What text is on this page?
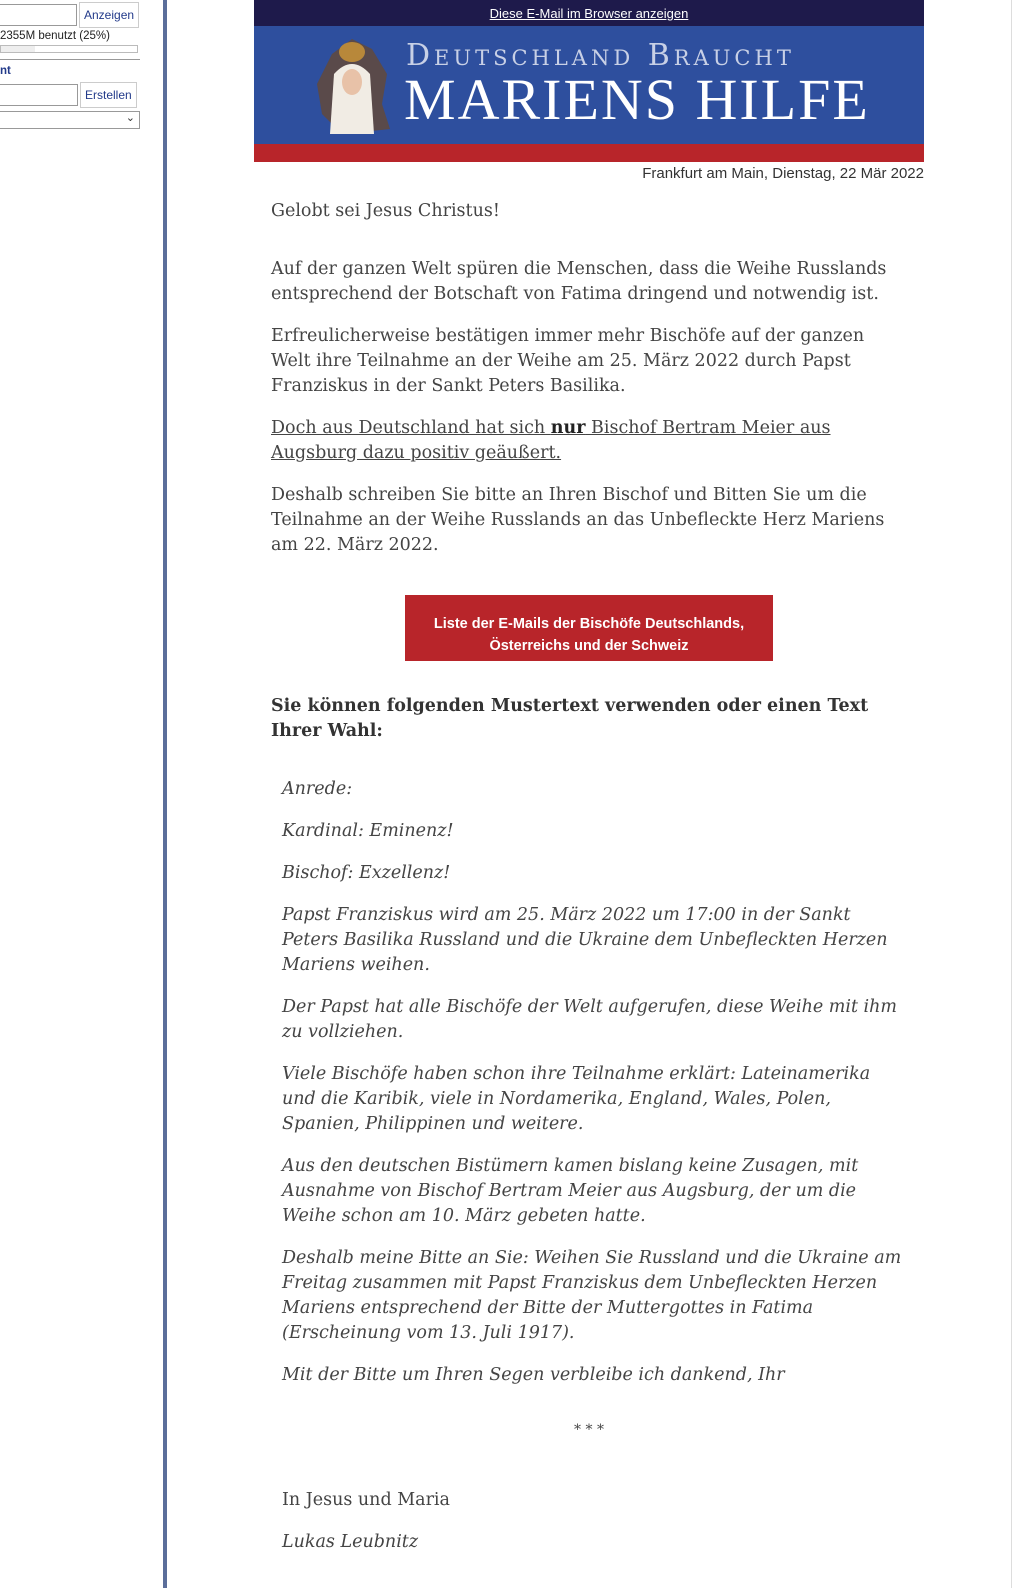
Anzeigen
2355M benutzt (25%)
nt
Erstellen
⌄
Diese E-Mail im Browser anzeigen
Deutschland Braucht
MARIENS HILFE
Frankfurt am Main, Dienstag, 22 Mär 2022

Gelobt sei Jesus Christus!

Auf der ganzen Welt spüren die Menschen, dass die Weihe Russlands entsprechend der Botschaft von Fatima dringend und notwendig ist.

Erfreulicherweise bestätigen immer mehr Bischöfe auf der ganzen Welt ihre Teilnahme an der Weihe am 25. März 2022 durch Papst Franziskus in der Sankt Peters Basilika.

Doch aus Deutschland hat sich nur Bischof Bertram Meier aus Augsburg dazu positiv geäußert.

Deshalb schreiben Sie bitte an Ihren Bischof und Bitten Sie um die Teilnahme an der Weihe Russlands an das Unbefleckte Herz Mariens am 22. März 2022.

Liste der E-Mails der Bischöfe Deutschlands,
Österreichs und der Schweiz

Sie können folgenden Mustertext verwenden oder einen Text Ihrer Wahl:

Anrede:

Kardinal: Eminenz!

Bischof: Exzellenz!

Papst Franziskus wird am 25. März 2022 um 17:00 in der Sankt Peters Basilika Russland und die Ukraine dem Unbefleckten Herzen Mariens weihen.

Der Papst hat alle Bischöfe der Welt aufgerufen, diese Weihe mit ihm zu vollziehen.

Viele Bischöfe haben schon ihre Teilnahme erklärt: Lateinamerika und die Karibik, viele in Nordamerika, England, Wales, Polen, Spanien, Philippinen und weitere.

Aus den deutschen Bistümern kamen bislang keine Zusagen, mit Ausnahme von Bischof Bertram Meier aus Augsburg, der um die Weihe schon am 10. März gebeten hatte.

Deshalb meine Bitte an Sie: Weihen Sie Russland und die Ukraine am Freitag zusammen mit Papst Franziskus dem Unbefleckten Herzen Mariens entsprechend der Bitte der Muttergottes in Fatima (Erscheinung vom 13. Juli 1917).

Mit der Bitte um Ihren Segen verbleibe ich dankend, Ihr

* * *

In Jesus und Maria

Lukas Leubnitz
